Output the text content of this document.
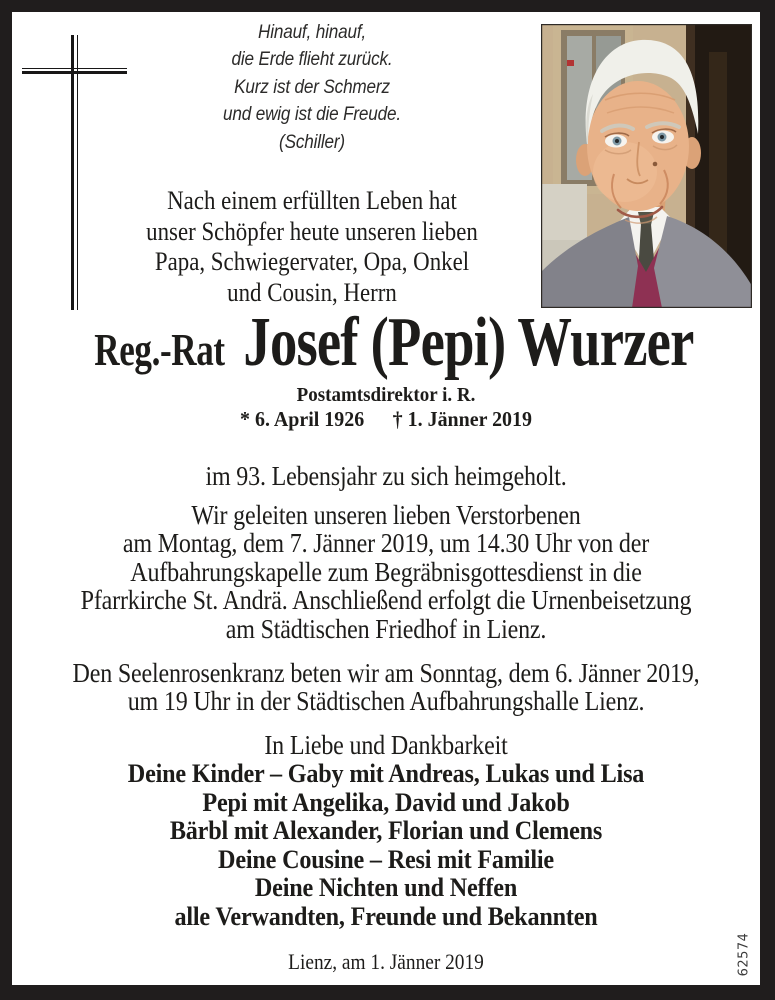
Hinauf, hinauf,
die Erde flieht zurück.
Kurz ist der Schmerz
und ewig ist die Freude.
(Schiller)
Nach einem erfüllten Leben hat
unser Schöpfer heute unseren lieben
Papa, Schwiegervater, Opa, Onkel
und Cousin, Herrn
Reg.-Rat Josef (Pepi) Wurzer
Postamtsdirektor i. R.
* 6. April 1926 † 1. Jänner 2019
im 93. Lebensjahr zu sich heimgeholt.
Wir geleiten unseren lieben Verstorbenen
am Montag, dem 7. Jänner 2019, um 14.30 Uhr von der
Aufbahrungskapelle zum Begräbnisgottesdienst in die
Pfarrkirche St. Andrä. Anschließend erfolgt die Urnenbeisetzung
am Städtischen Friedhof in Lienz.
Den Seelenrosenkranz beten wir am Sonntag, dem 6. Jänner 2019,
um 19 Uhr in der Städtischen Aufbahrungshalle Lienz.
In Liebe und Dankbarkeit
Deine Kinder – Gaby mit Andreas, Lukas und Lisa
Pepi mit Angelika, David und Jakob
Bärbl mit Alexander, Florian und Clemens
Deine Cousine – Resi mit Familie
Deine Nichten und Neffen
alle Verwandten, Freunde und Bekannten
Lienz, am 1. Jänner 2019	62574
